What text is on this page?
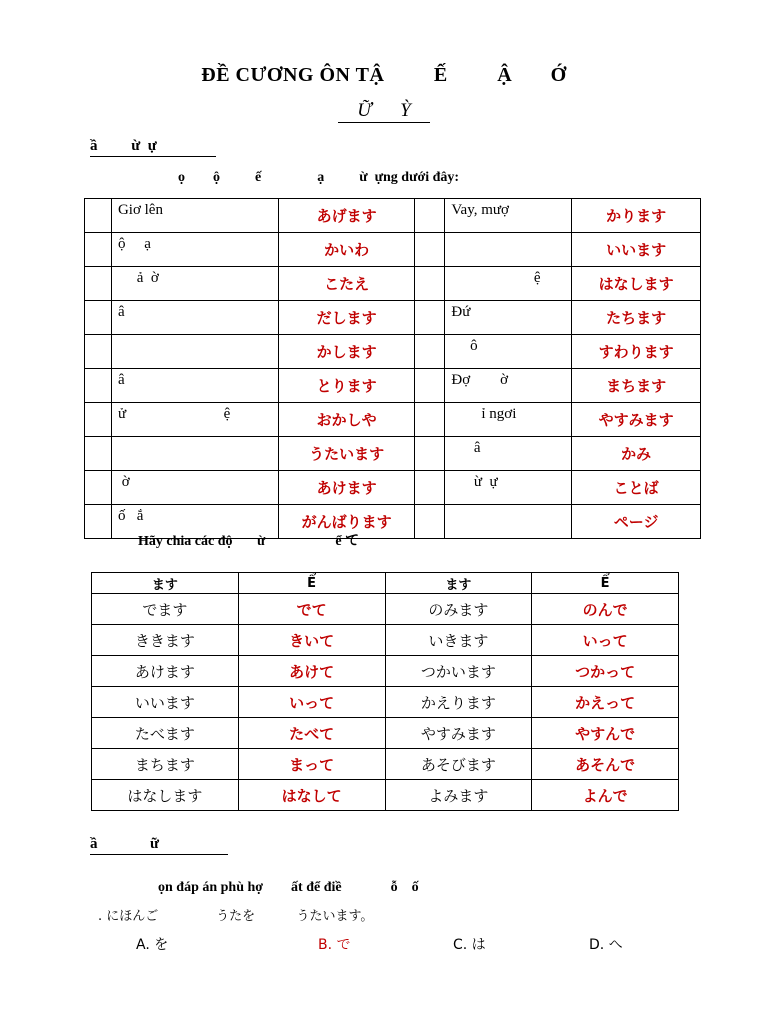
ĐỀ CƯƠNG ÔN TẬ         Ế         Ậ       Ớ
Ữ      Ỳ
ầ         ừ  ự
ọ        ộ          ế                ạ          ừ  ựng dưới đây:
	Giơ lên	あげます		Vay, mượ	かります
	ộ     ạ	かいわ			いいます
	ả  ờ	こたえ		ệ	はなします
	â	だします		Đứ	たちます
		かします		ô	すわります
	â	とります		Đợ        ờ	まちます
	ử                          ệ	おかしや		ỉ ngơi	やすみます
		うたいます		â	かみ
	ờ	あけます		ừ  ự	ことば
	ố   ắ	がんばります			ページ
Hãy chia các độ       ừ                    ể て
ます	Ể	ます	Ể
でます	でて	のみます	のんで
ききます	きいて	いきます	いって
あけます	あけて	つかいます	つかって
いいます	いって	かえります	かえって
たべます	たべて	やすみます	やすんで
まちます	まって	あそびます	あそんで
はなします	はなして	よみます	よんで
ầ              ữ
ọn đáp án phù hợ        ất để điề              ỗ    ố
. にほんご              うたを          うたいます。
A. を	B. で	C. は	D. へ
